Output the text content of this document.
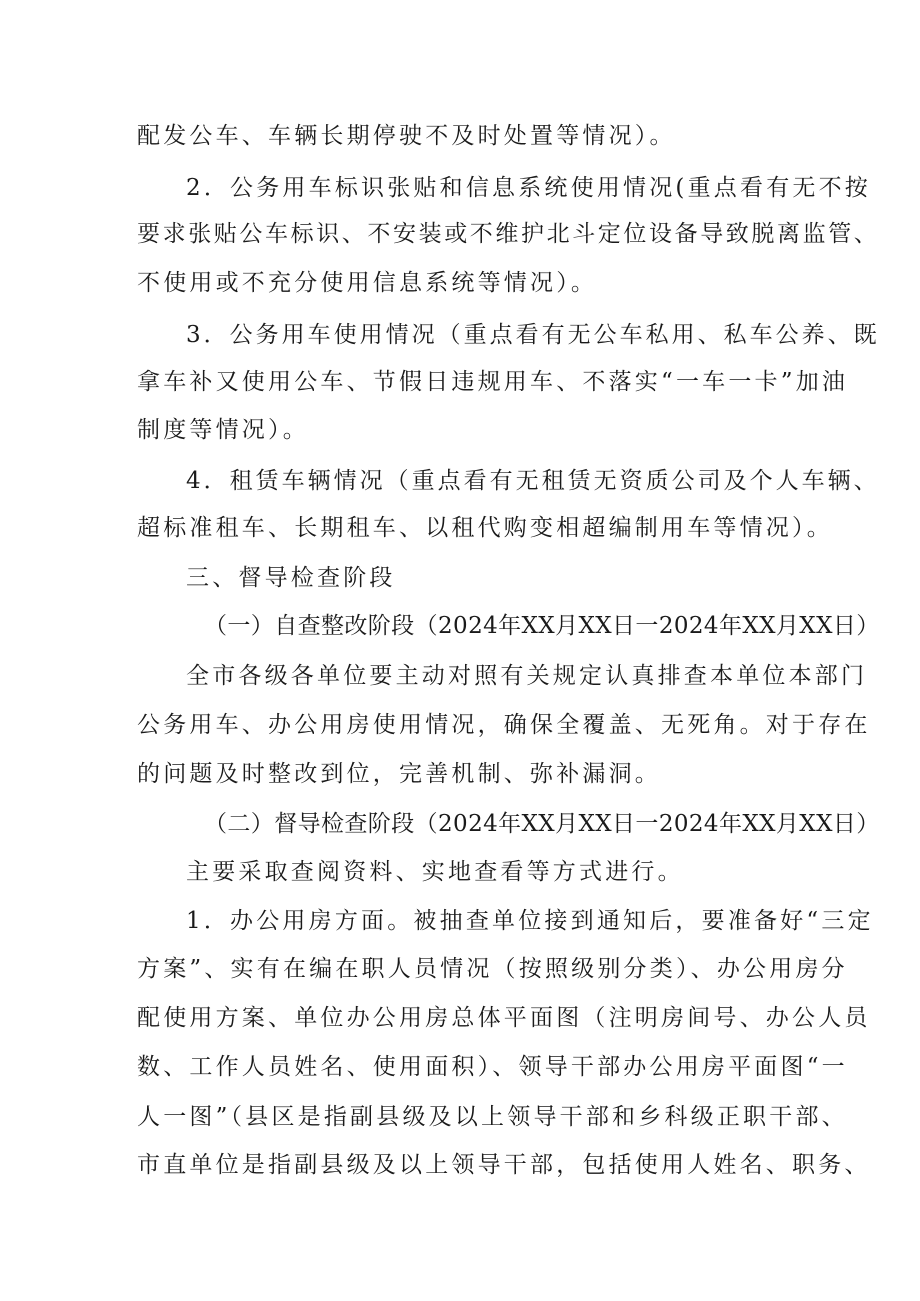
配发公车、车辆长期停驶不及时处置等情况）。
2．公务用车标识张贴和信息系统使用情况(重点看有无不按
要求张贴公车标识、不安装或不维护北斗定位设备导致脱离监管、
不使用或不充分使用信息系统等情况）。
3．公务用车使用情况（重点看有无公车私用、私车公养、既
拿车补又使用公车、节假日违规用车、不落实“一车一卡”加油
制度等情况）。
4．租赁车辆情况（重点看有无租赁无资质公司及个人车辆、
超标准租车、长期租车、以租代购变相超编制用车等情况）。
三、督导检查阶段
（一）自查整改阶段（2024年XX月XX日一2024年XX月XX日）
全市各级各单位要主动对照有关规定认真排查本单位本部门
公务用车、办公用房使用情况，确保全覆盖、无死角。对于存在
的问题及时整改到位，完善机制、弥补漏洞。
（二）督导检查阶段（2024年XX月XX日一2024年XX月XX日）
主要采取查阅资料、实地查看等方式进行。
1．办公用房方面。被抽查单位接到通知后，要准备好“三定
方案”、实有在编在职人员情况（按照级别分类）、办公用房分
配使用方案、单位办公用房总体平面图（注明房间号、办公人员
数、工作人员姓名、使用面积）、领导干部办公用房平面图“一
人一图”（县区是指副县级及以上领导干部和乡科级正职干部、
市直单位是指副县级及以上领导干部，包括使用人姓名、职务、
